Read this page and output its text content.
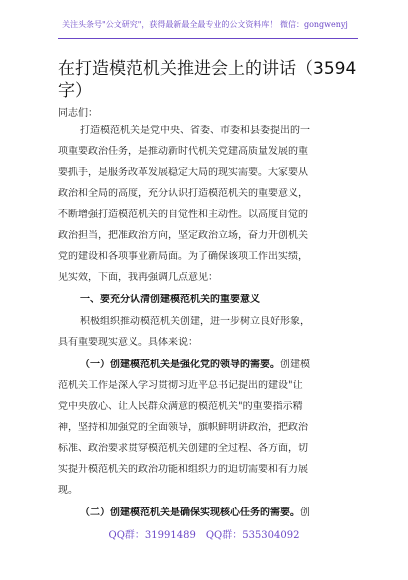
关注头条号"公文研究"，获得最新最全最专业的公文资料库！ 微信：gongwenyj
在打造模范机关推进会上的讲话（3594
字）
同志们：
打造模范机关是党中央、省委、市委和县委提出的一
项重要政治任务，是推动新时代机关党建高质量发展的重
要抓手，是服务改革发展稳定大局的现实需要。大家要从
政治和全局的高度，充分认识打造模范机关的重要意义，
不断增强打造模范机关的自觉性和主动性。以高度自觉的
政治担当，把准政治方向，坚定政治立场，奋力开创机关
党的建设和各项事业新局面。为了确保该项工作出实绩，
见实效，下面，我再强调几点意见：
一、要充分认清创建模范机关的重要意义
积极组织推动模范机关创建，进一步树立良好形象，
具有重要现实意义。具体来说：
（一）创建模范机关是强化党的领导的需要。创建模
范机关工作是深入学习贯彻习近平总书记提出的建设"让
党中央放心、让人民群众满意的模范机关"的重要指示精
神，坚持和加强党的全面领导，旗帜鲜明讲政治，把政治
标准、政治要求贯穿模范机关创建的全过程、各方面，切
实提升模范机关的政治功能和组织力的迫切需要和有力展
现。
（二）创建模范机关是确保实现核心任务的需要。创
QQ群：31991489 QQ群：535304092
